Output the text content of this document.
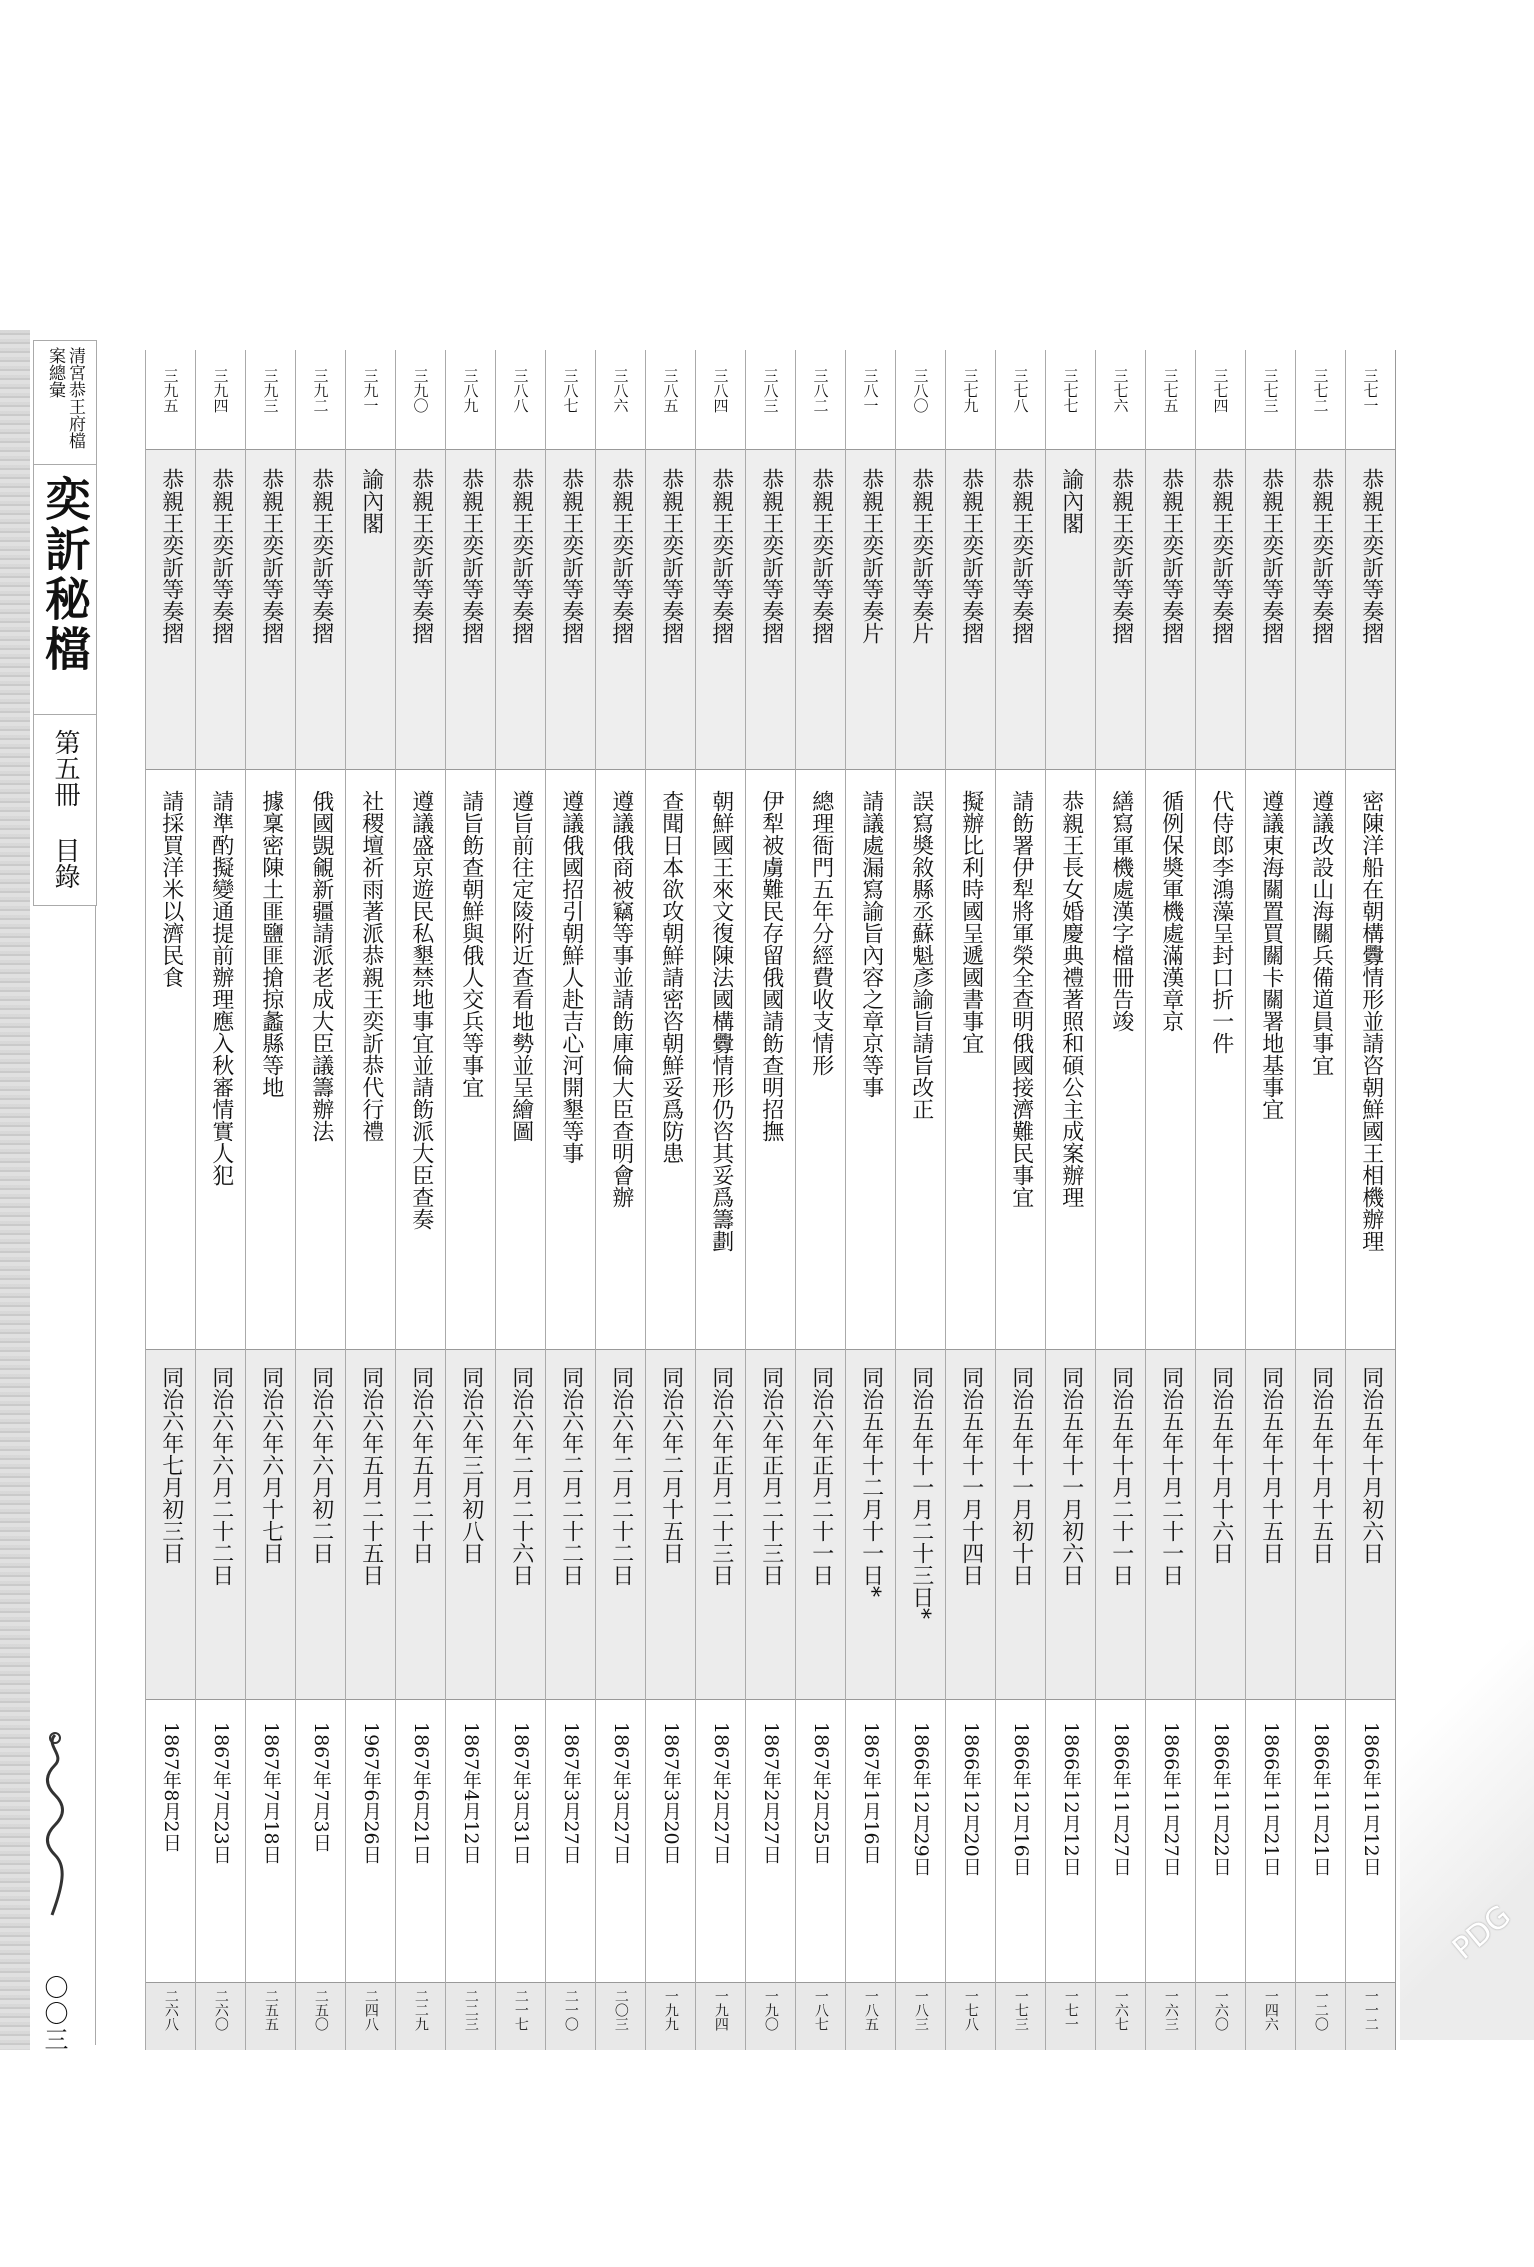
清宮恭王府檔案總彙
奕訢秘檔
第五冊
目錄
〇〇三
三七一
恭親王奕訢等奏摺
密陳洋船在朝構釁情形並請咨朝鮮國王相機辦理
同治五年十月初六日
1866年11月12日
一一二
三七二
恭親王奕訢等奏摺
遵議改設山海關兵備道員事宜
同治五年十月十五日
1866年11月21日
一二〇
三七三
恭親王奕訢等奏摺
遵議東海關置買關卡關署地基事宜
同治五年十月十五日
1866年11月21日
一四六
三七四
恭親王奕訢等奏摺
代侍郎李鴻藻呈封口折一件
同治五年十月十六日
1866年11月22日
一六〇
三七五
恭親王奕訢等奏摺
循例保奬軍機處滿漢章京
同治五年十月二十一日
1866年11月27日
一六三
三七六
恭親王奕訢等奏摺
繕寫軍機處漢字檔冊告竣
同治五年十月二十一日
1866年11月27日
一六七
三七七
諭內閣
恭親王長女婚慶典禮著照和碩公主成案辦理
同治五年十一月初六日
1866年12月12日
一七一
三七八
恭親王奕訢等奏摺
請飭署伊犁將軍榮全查明俄國接濟難民事宜
同治五年十一月初十日
1866年12月16日
一七三
三七九
恭親王奕訢等奏摺
擬辦比利時國呈遞國書事宜
同治五年十一月十四日
1866年12月20日
一七八
三八〇
恭親王奕訢等奏片
誤寫奬敘縣丞蘇魁彥諭旨請旨改正
同治五年十一月二十三日*
1866年12月29日
一八三
三八一
恭親王奕訢等奏片
請議處漏寫諭旨內容之章京等事
同治五年十二月十一日*
1867年1月16日
一八五
三八二
恭親王奕訢等奏摺
總理衙門五年分經費收支情形
同治六年正月二十一日
1867年2月25日
一八七
三八三
恭親王奕訢等奏摺
伊犁被虜難民存留俄國請飭查明招撫
同治六年正月二十三日
1867年2月27日
一九〇
三八四
恭親王奕訢等奏摺
朝鮮國王來文復陳法國構釁情形仍咨其妥爲籌劃
同治六年正月二十三日
1867年2月27日
一九四
三八五
恭親王奕訢等奏摺
查聞日本欲攻朝鮮請密咨朝鮮妥爲防患
同治六年二月十五日
1867年3月20日
一九九
三八六
恭親王奕訢等奏摺
遵議俄商被竊等事並請飭庫倫大臣查明會辦
同治六年二月二十二日
1867年3月27日
二〇三
三八七
恭親王奕訢等奏摺
遵議俄國招引朝鮮人赴吉心河開墾等事
同治六年二月二十二日
1867年3月27日
二一〇
三八八
恭親王奕訢等奏摺
遵旨前往定陵附近查看地勢並呈繪圖
同治六年二月二十六日
1867年3月31日
二一七
三八九
恭親王奕訢等奏摺
請旨飭查朝鮮與俄人交兵等事宜
同治六年三月初八日
1867年4月12日
二二三
三九〇
恭親王奕訢等奏摺
遵議盛京遊民私墾禁地事宜並請飭派大臣查奏
同治六年五月二十日
1867年6月21日
二二九
三九一
諭內閣
社稷壇祈雨著派恭親王奕訢恭代行禮
同治六年五月二十五日
1967年6月26日
二四八
三九二
恭親王奕訢等奏摺
俄國覬覦新疆請派老成大臣議籌辦法
同治六年六月初二日
1867年7月3日
二五〇
三九三
恭親王奕訢等奏摺
據稟密陳土匪鹽匪搶掠蠡縣等地
同治六年六月十七日
1867年7月18日
二五五
三九四
恭親王奕訢等奏摺
請準酌擬變通提前辦理應入秋審情實人犯
同治六年六月二十二日
1867年7月23日
二六〇
三九五
恭親王奕訢等奏摺
請採買洋米以濟民食
同治六年七月初三日
1867年8月2日
二六八
PDG
